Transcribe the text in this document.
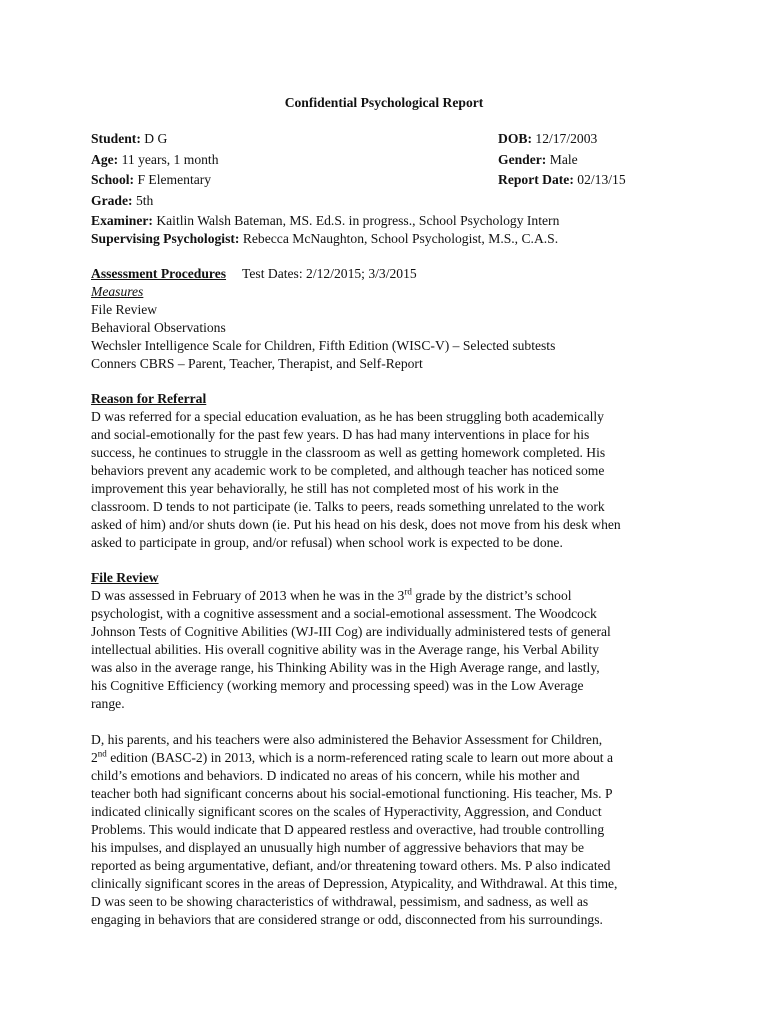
Confidential Psychological Report
Student: D G	DOB: 12/17/2003
Age: 11 years, 1 month	Gender: Male
School: F Elementary	Report Date: 02/13/15
Grade: 5th
Examiner: Kaitlin Walsh Bateman, MS. Ed.S. in progress., School Psychology Intern
Supervising Psychologist: Rebecca McNaughton, School Psychologist, M.S., C.A.S.
Assessment Procedures Test Dates: 2/12/2015; 3/3/2015
Measures
File Review
Behavioral Observations
Wechsler Intelligence Scale for Children, Fifth Edition (WISC-V) – Selected subtests
Conners CBRS – Parent, Teacher, Therapist, and Self-Report
Reason for Referral
D was referred for a special education evaluation, as he has been struggling both academically
and social-emotionally for the past few years. D has had many interventions in place for his
success, he continues to struggle in the classroom as well as getting homework completed. His
behaviors prevent any academic work to be completed, and although teacher has noticed some
improvement this year behaviorally, he still has not completed most of his work in the
classroom. D tends to not participate (ie. Talks to peers, reads something unrelated to the work
asked of him) and/or shuts down (ie. Put his head on his desk, does not move from his desk when
asked to participate in group, and/or refusal) when school work is expected to be done.
File Review
D was assessed in February of 2013 when he was in the 3rd grade by the district’s school
psychologist, with a cognitive assessment and a social-emotional assessment. The Woodcock
Johnson Tests of Cognitive Abilities (WJ-III Cog) are individually administered tests of general
intellectual abilities. His overall cognitive ability was in the Average range, his Verbal Ability
was also in the average range, his Thinking Ability was in the High Average range, and lastly,
his Cognitive Efficiency (working memory and processing speed) was in the Low Average
range.
D, his parents, and his teachers were also administered the Behavior Assessment for Children,
2nd edition (BASC-2) in 2013, which is a norm-referenced rating scale to learn out more about a
child’s emotions and behaviors. D indicated no areas of his concern, while his mother and
teacher both had significant concerns about his social-emotional functioning. His teacher, Ms. P
indicated clinically significant scores on the scales of Hyperactivity, Aggression, and Conduct
Problems. This would indicate that D appeared restless and overactive, had trouble controlling
his impulses, and displayed an unusually high number of aggressive behaviors that may be
reported as being argumentative, defiant, and/or threatening toward others. Ms. P also indicated
clinically significant scores in the areas of Depression, Atypicality, and Withdrawal. At this time,
D was seen to be showing characteristics of withdrawal, pessimism, and sadness, as well as
engaging in behaviors that are considered strange or odd, disconnected from his surroundings.
